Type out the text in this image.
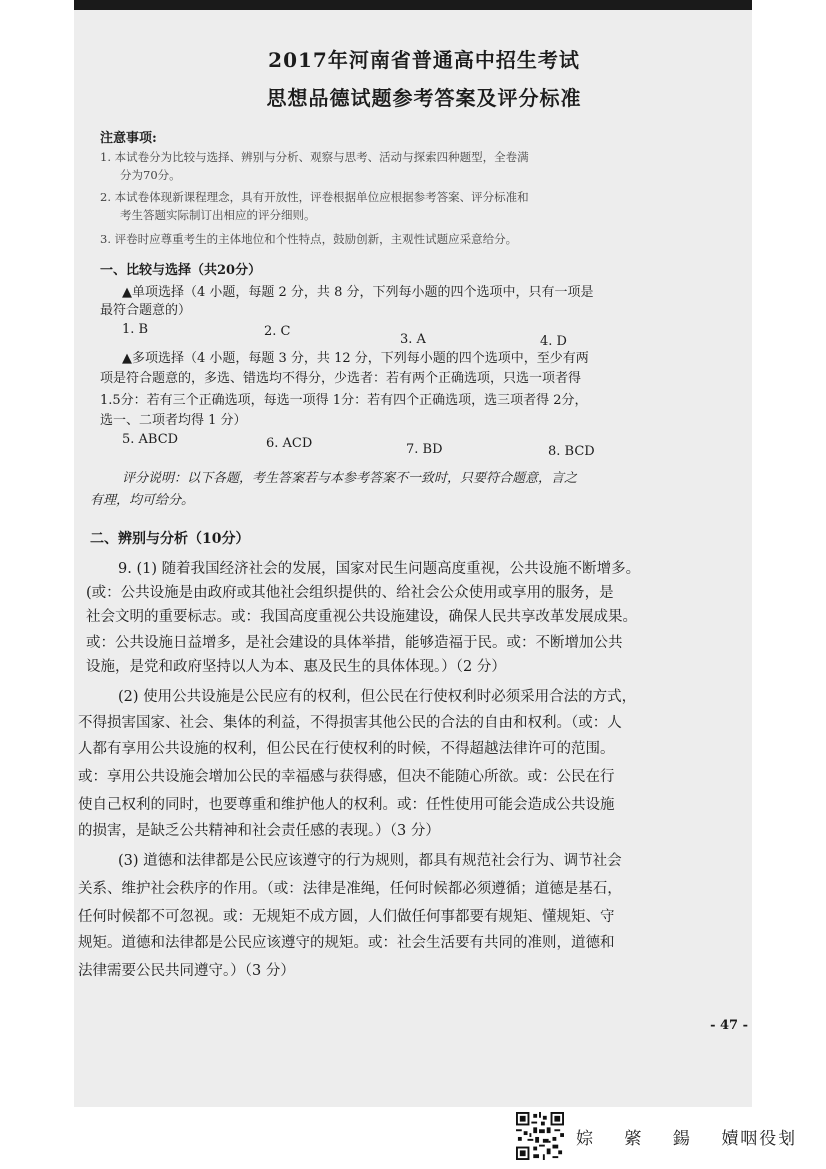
2017年河南省普通高中招生考试
思想品德试题参考答案及评分标准
注意事项:
1. 本试卷分为比较与选择、辨别与分析、观察与思考、活动与探索四种题型，全卷满
分为70分。
2. 本试卷体现新课程理念，具有开放性，评卷根据单位应根据参考答案、评分标准和
考生答题实际制订出相应的评分细则。
3. 评卷时应尊重考生的主体地位和个性特点，鼓励创新，主观性试题应采意给分。
一、比较与选择（共20分）
▲单项选择（4 小题，每题 2 分，共 8 分，下列每小题的四个选项中，只有一项是
最符合题意的）
1. B	2. C
3. A	4. D
▲多项选择（4 小题，每题 3 分，共 12 分，下列每小题的四个选项中，至少有两
项是符合题意的，多选、错选均不得分，少选者：若有两个正确选项，只选一项者得
1.5分：若有三个正确选项，每选一项得 1分：若有四个正确选项，选三项者得 2分，
选一、二项者均得 1 分）
5. ABCD	6. ACD	7. BD	8. BCD
评分说明：以下各题，考生答案若与本参考答案不一致时，只要符合题意，言之
有理，均可给分。
二、辨别与分析（10分）
9. (1) 随着我国经济社会的发展，国家对民生问题高度重视，公共设施不断增多。
(或：公共设施是由政府或其他社会组织提供的、给社会公众使用或享用的服务，是
社会文明的重要标志。或：我国高度重视公共设施建设，确保人民共享改革发展成果。
或：公共设施日益增多，是社会建设的具体举措，能够造福于民。或：不断增加公共
设施，是党和政府坚持以人为本、惠及民生的具体体现。）（2 分）
(2) 使用公共设施是公民应有的权利，但公民在行使权利时必须采用合法的方式，
不得损害国家、社会、集体的利益，不得损害其他公民的合法的自由和权利。（或：人
人都有享用公共设施的权利，但公民在行使权利的时候，不得超越法律许可的范围。
或：享用公共设施会增加公民的幸福感与获得感，但决不能随心所欲。或：公民在行
使自己权利的同时，也要尊重和维护他人的权利。或：任性使用可能会造成公共设施
的损害，是缺乏公共精神和社会责任感的表现。）（3 分）
(3) 道德和法律都是公民应该遵守的行为规则，都具有规范社会行为、调节社会
关系、维护社会秩序的作用。（或：法律是准绳，任何时候都必须遵循；道德是基石，
任何时候都不可忽视。或：无规矩不成方圆，人们做任何事都要有规矩、懂规矩、守
规矩。道德和法律都是公民应该遵守的规矩。或：社会生活要有共同的准则，道德和
法律需要公民共同遵守。）（3 分）
- 47 -
婃 綮 鍚 嬻咽役刬
